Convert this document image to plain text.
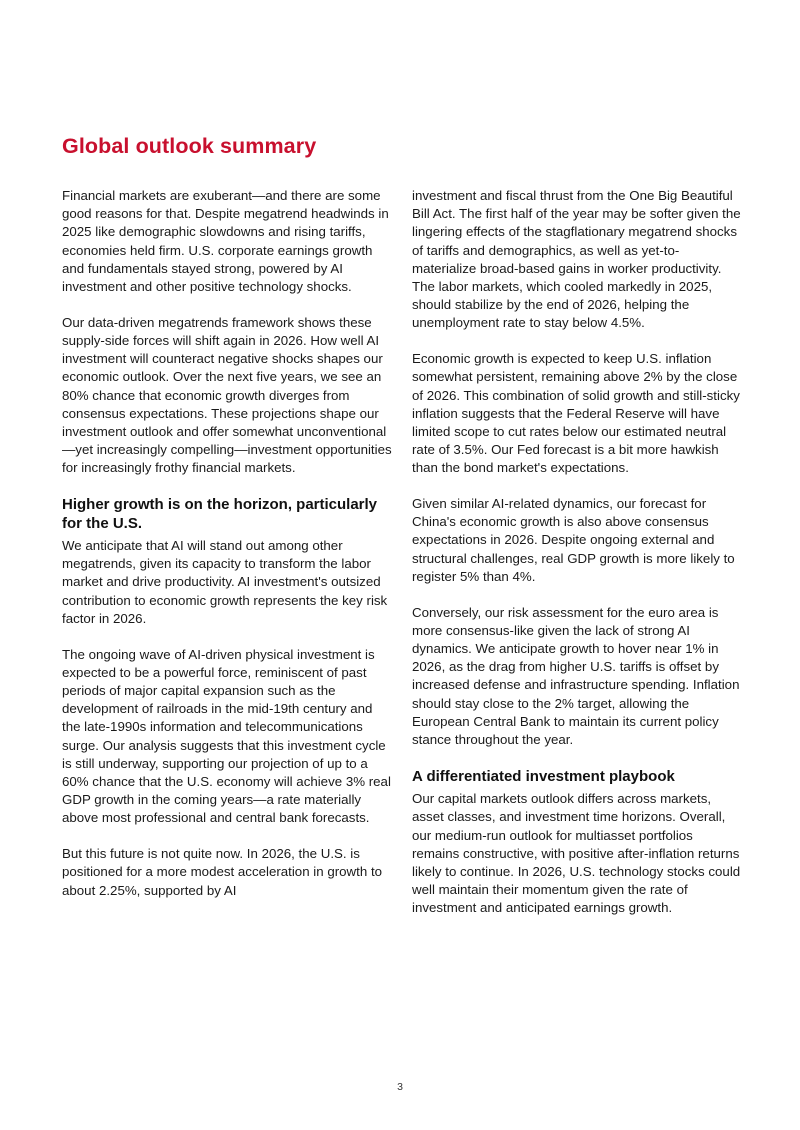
Global outlook summary

Financial markets are exuberant—and there are some good reasons for that. Despite megatrend headwinds in 2025 like demographic slowdowns and rising tariffs, economies held firm. U.S. corporate earnings growth and fundamentals stayed strong, powered by AI investment and other positive technology shocks.

Our data-driven megatrends framework shows these supply-side forces will shift again in 2026. How well AI investment will counteract negative shocks shapes our economic outlook. Over the next five years, we see an 80% chance that economic growth diverges from consensus expectations. These projections shape our investment outlook and offer somewhat unconventional—yet increasingly compelling—investment opportunities for increasingly frothy financial markets.

Higher growth is on the horizon, particularly for the U.S.

We anticipate that AI will stand out among other megatrends, given its capacity to transform the labor market and drive productivity. AI investment's outsized contribution to economic growth represents the key risk factor in 2026.

The ongoing wave of AI-driven physical investment is expected to be a powerful force, reminiscent of past periods of major capital expansion such as the development of railroads in the mid-19th century and the late-1990s information and telecommunications surge. Our analysis suggests that this investment cycle is still underway, supporting our projection of up to a 60% chance that the U.S. economy will achieve 3% real GDP growth in the coming years—a rate materially above most professional and central bank forecasts.

But this future is not quite now. In 2026, the U.S. is positioned for a more modest acceleration in growth to about 2.25%, supported by AI

investment and fiscal thrust from the One Big Beautiful Bill Act. The first half of the year may be softer given the lingering effects of the stagflationary megatrend shocks of tariffs and demographics, as well as yet-to-materialize broad-based gains in worker productivity. The labor markets, which cooled markedly in 2025, should stabilize by the end of 2026, helping the unemployment rate to stay below 4.5%.

Economic growth is expected to keep U.S. inflation somewhat persistent, remaining above 2% by the close of 2026. This combination of solid growth and still-sticky inflation suggests that the Federal Reserve will have limited scope to cut rates below our estimated neutral rate of 3.5%. Our Fed forecast is a bit more hawkish than the bond market's expectations.

Given similar AI-related dynamics, our forecast for China's economic growth is also above consensus expectations in 2026. Despite ongoing external and structural challenges, real GDP growth is more likely to register 5% than 4%.

Conversely, our risk assessment for the euro area is more consensus-like given the lack of strong AI dynamics. We anticipate growth to hover near 1% in 2026, as the drag from higher U.S. tariffs is offset by increased defense and infrastructure spending. Inflation should stay close to the 2% target, allowing the European Central Bank to maintain its current policy stance throughout the year.

A differentiated investment playbook

Our capital markets outlook differs across markets, asset classes, and investment time horizons. Overall, our medium-run outlook for multiasset portfolios remains constructive, with positive after-inflation returns likely to continue. In 2026, U.S. technology stocks could well maintain their momentum given the rate of investment and anticipated earnings growth.

3
